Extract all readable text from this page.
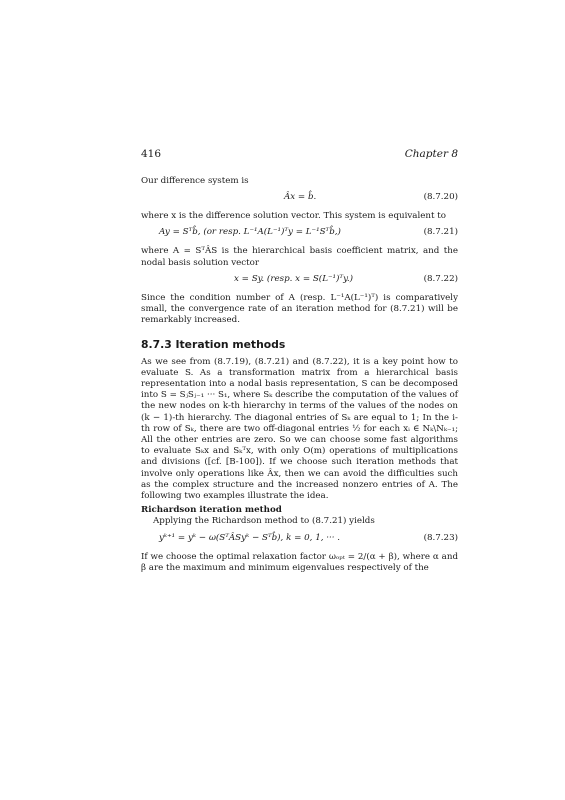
416	Chapter 8

Our difference system is

Âx = b̂.	(8.7.20)

where x is the difference solution vector. This system is equivalent to

Ay = Sᵀb̂, (or resp. L⁻¹A(L⁻¹)ᵀy = L⁻¹Sᵀb̂,)	(8.7.21)

where A = SᵀÂS is the hierarchical basis coefficient matrix, and the nodal basis solution vector

x = Sy. (resp. x = S(L⁻¹)ᵀy.)	(8.7.22)

Since the condition number of A (resp. L⁻¹A(L⁻¹)ᵀ) is comparatively small, the convergence rate of an iteration method for (8.7.21) will be remarkably increased.

8.7.3 Iteration methods

As we see from (8.7.19), (8.7.21) and (8.7.22), it is a key point how to evaluate S. As a transformation matrix from a hierarchical basis representation into a nodal basis representation, S can be decomposed into S = SⱼSⱼ₋₁ ··· S₁, where Sₖ describe the computation of the values of the new nodes on k-th hierarchy in terms of the values of the nodes on (k − 1)-th hierarchy. The diagonal entries of Sₖ are equal to 1; In the i-th row of Sₖ, there are two off-diagonal entries ½ for each xᵢ ∈ Nₖ\Nₖ₋₁; All the other entries are zero. So we can choose some fast algorithms to evaluate Sₖx and Sₖᵀx, with only O(m) operations of multiplications and divisions ([cf. [B-100]). If we choose such iteration methods that involve only operations like Âx, then we can avoid the difficulties such as the complex structure and the increased nonzero entries of A. The following two examples illustrate the idea.

Richardson iteration method

Applying the Richardson method to (8.7.21) yields

yᵏ⁺¹ = yᵏ − ω(SᵀÂSyᵏ − Sᵀb̂), k = 0, 1, ··· .	(8.7.23)

If we choose the optimal relaxation factor ωₒₚₜ = 2/(α + β), where α and β are the maximum and minimum eigenvalues respectively of the
